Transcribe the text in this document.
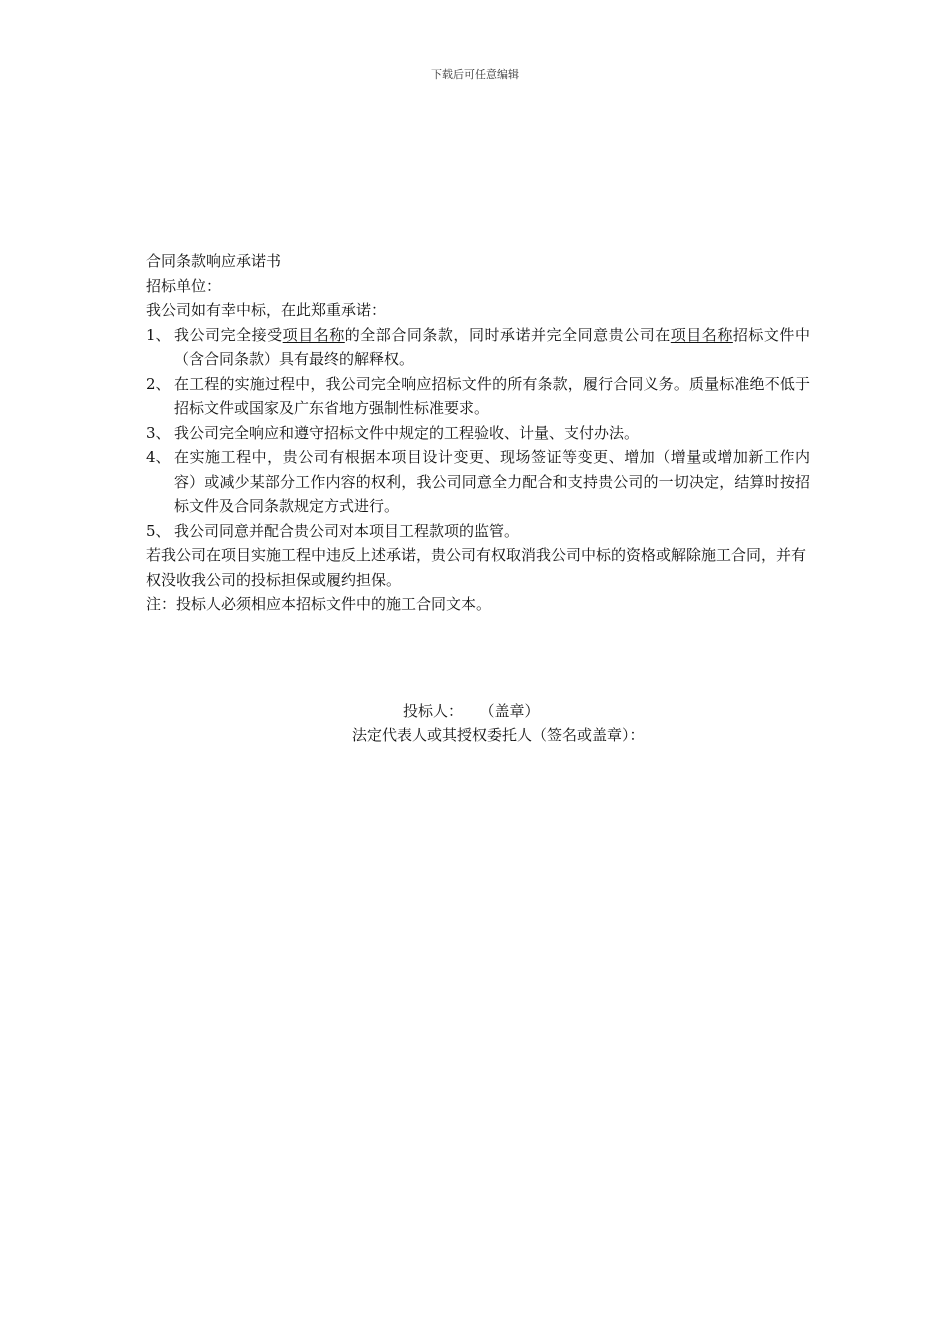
下载后可任意编辑

合同条款响应承诺书

招标单位：

我公司如有幸中标，在此郑重承诺：

1、 我公司完全接受项目名称的全部合同条款，同时承诺并完全同意贵公司在项目名称招标文件中（含合同条款）具有最终的解释权。
2、 在工程的实施过程中，我公司完全响应招标文件的所有条款，履行合同义务。质量标准绝不低于招标文件或国家及广东省地方强制性标准要求。
3、 我公司完全响应和遵守招标文件中规定的工程验收、计量、支付办法。
4、 在实施工程中，贵公司有根据本项目设计变更、现场签证等变更、增加（增量或增加新工作内容）或减少某部分工作内容的权利，我公司同意全力配合和支持贵公司的一切决定，结算时按招标文件及合同条款规定方式进行。
5、 我公司同意并配合贵公司对本项目工程款项的监管。

若我公司在项目实施工程中违反上述承诺，贵公司有权取消我公司中标的资格或解除施工合同，并有权没收我公司的投标担保或履约担保。

注：投标人必须相应本招标文件中的施工合同文本。

投标人： （盖章）
法定代表人或其授权委托人（签名或盖章）：
